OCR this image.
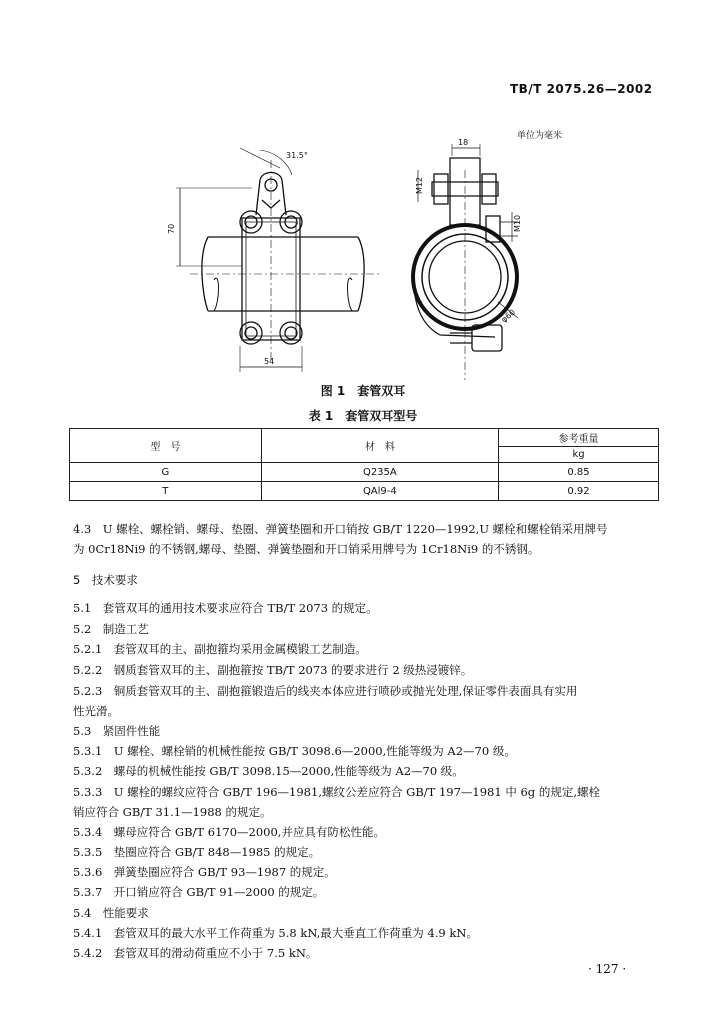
TB/T 2075.26—2002
单位为毫米
31.5°
70
54
18
M12
M10
φ60
图 1　套管双耳
表 1　套管双耳型号
型　号	材　料	参考重量
		kg
G	Q235A	0.85
T	QAl9-4	0.92
4.3　U 螺栓、螺栓销、螺母、垫圈、弹簧垫圈和开口销按 GB/T 1220—1992,U 螺栓和螺栓销采用牌号
为 0Cr18Ni9 的不锈钢,螺母、垫圈、弹簧垫圈和开口销采用牌号为 1Cr18Ni9 的不锈钢。
5　技术要求
5.1　套管双耳的通用技术要求应符合 TB/T 2073 的规定。
5.2　制造工艺
5.2.1　套管双耳的主、副抱箍均采用金属模锻工艺制造。
5.2.2　钢质套管双耳的主、副抱箍按 TB/T 2073 的要求进行 2 级热浸镀锌。
5.2.3　铜质套管双耳的主、副抱箍锻造后的线夹本体应进行喷砂或抛光处理,保证零件表面具有实用
性光滑。
5.3　紧固件性能
5.3.1　U 螺栓、螺栓销的机械性能按 GB/T 3098.6—2000,性能等级为 A2—70 级。
5.3.2　螺母的机械性能按 GB/T 3098.15—2000,性能等级为 A2—70 级。
5.3.3　U 螺栓的螺纹应符合 GB/T 196—1981,螺纹公差应符合 GB/T 197—1981 中 6g 的规定,螺栓
销应符合 GB/T 31.1—1988 的规定。
5.3.4　螺母应符合 GB/T 6170—2000,并应具有防松性能。
5.3.5　垫圈应符合 GB/T 848—1985 的规定。
5.3.6　弹簧垫圈应符合 GB/T 93—1987 的规定。
5.3.7　开口销应符合 GB/T 91—2000 的规定。
5.4　性能要求
5.4.1　套管双耳的最大水平工作荷重为 5.8 kN,最大垂直工作荷重为 4.9 kN。
5.4.2　套管双耳的滑动荷重应不小于 7.5 kN。
· 127 ·
